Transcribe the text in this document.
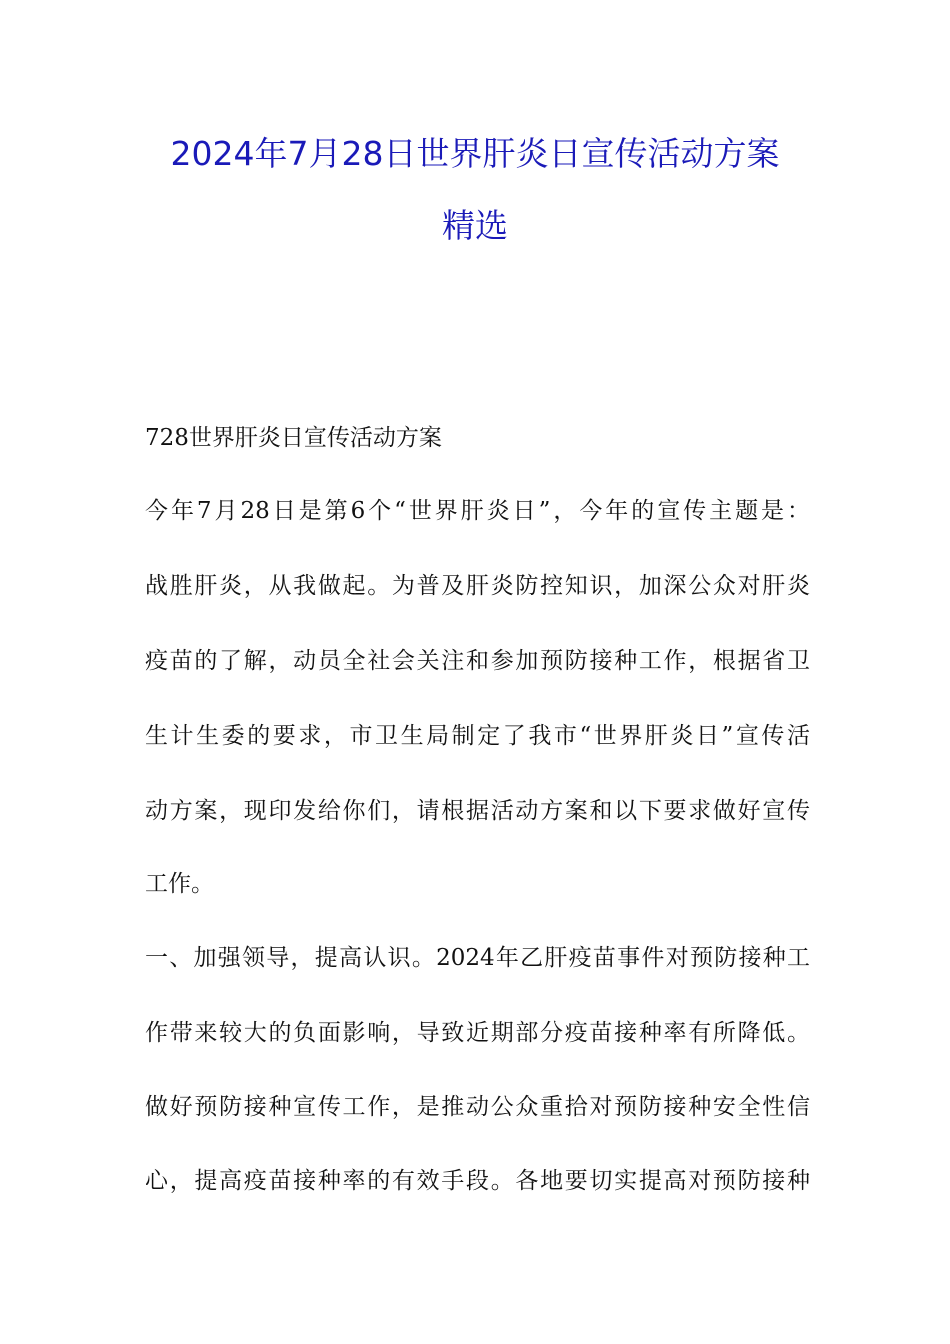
2024年7月28日世界肝炎日宣传活动方案
精选
728世界肝炎日宣传活动方案
今年7月28日是第6个“世界肝炎日”，今年的宣传主题是：
战胜肝炎，从我做起。为普及肝炎防控知识，加深公众对肝炎
疫苗的了解，动员全社会关注和参加预防接种工作，根据省卫
生计生委的要求，市卫生局制定了我市“世界肝炎日”宣传活
动方案，现印发给你们，请根据活动方案和以下要求做好宣传
工作。
一、加强领导，提高认识。2024年乙肝疫苗事件对预防接种工
作带来较大的负面影响，导致近期部分疫苗接种率有所降低。
做好预防接种宣传工作，是推动公众重拾对预防接种安全性信
心，提高疫苗接种率的有效手段。各地要切实提高对预防接种
